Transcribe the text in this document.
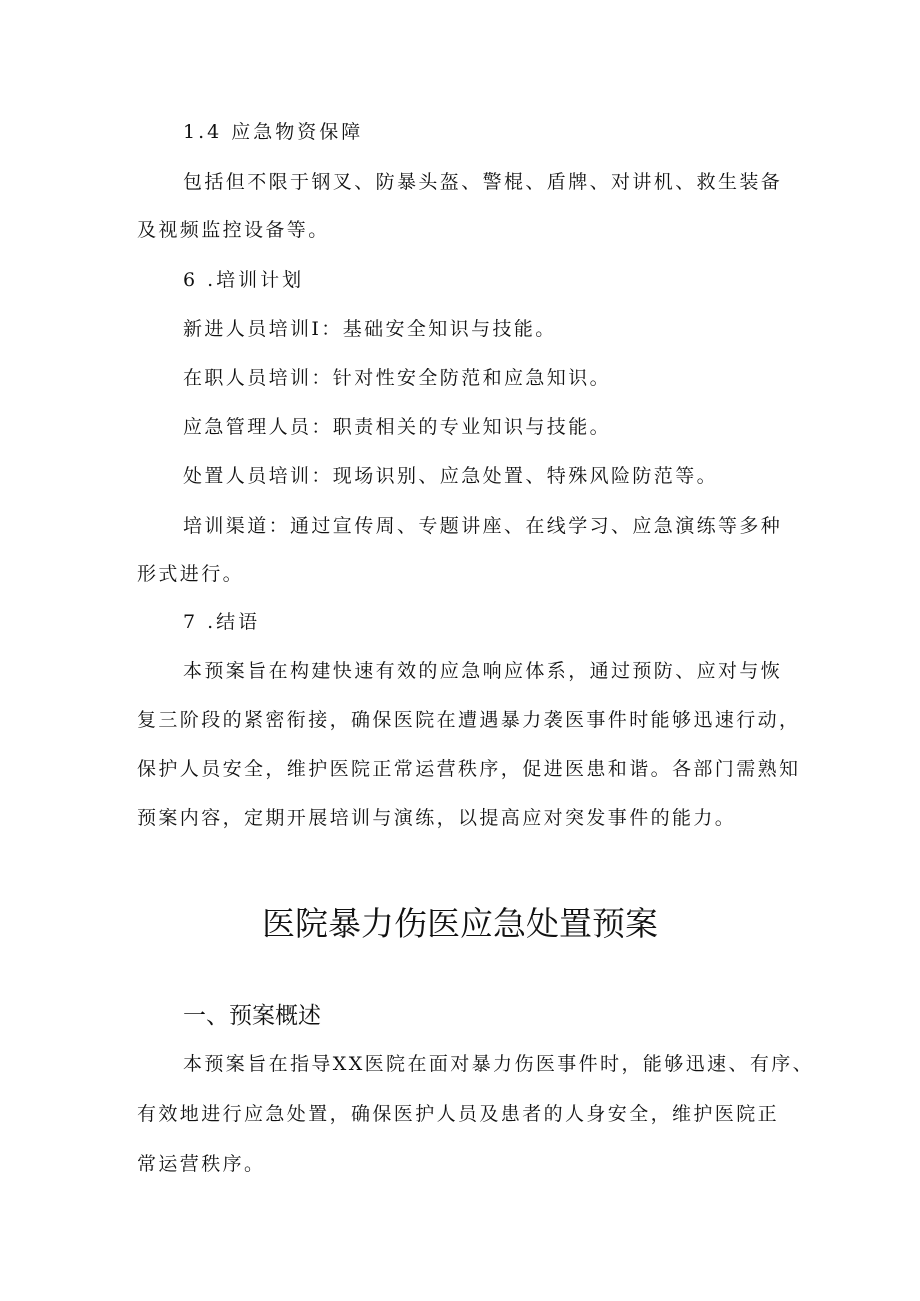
1.4 应急物资保障
包括但不限于钢叉、防暴头盔、警棍、盾牌、对讲机、救生装备
及视频监控设备等。
6 .培训计划
新进人员培训I：基础安全知识与技能。
在职人员培训：针对性安全防范和应急知识。
应急管理人员：职责相关的专业知识与技能。
处置人员培训：现场识别、应急处置、特殊风险防范等。
培训渠道：通过宣传周、专题讲座、在线学习、应急演练等多种
形式进行。
7 .结语
本预案旨在构建快速有效的应急响应体系，通过预防、应对与恢
复三阶段的紧密衔接，确保医院在遭遇暴力袭医事件时能够迅速行动，
保护人员安全，维护医院正常运营秩序，促进医患和谐。各部门需熟知
预案内容，定期开展培训与演练，以提高应对突发事件的能力。
医院暴力伤医应急处置预案
一、预案概述
本预案旨在指导XX医院在面对暴力伤医事件时，能够迅速、有序、
有效地进行应急处置，确保医护人员及患者的人身安全，维护医院正
常运营秩序。
